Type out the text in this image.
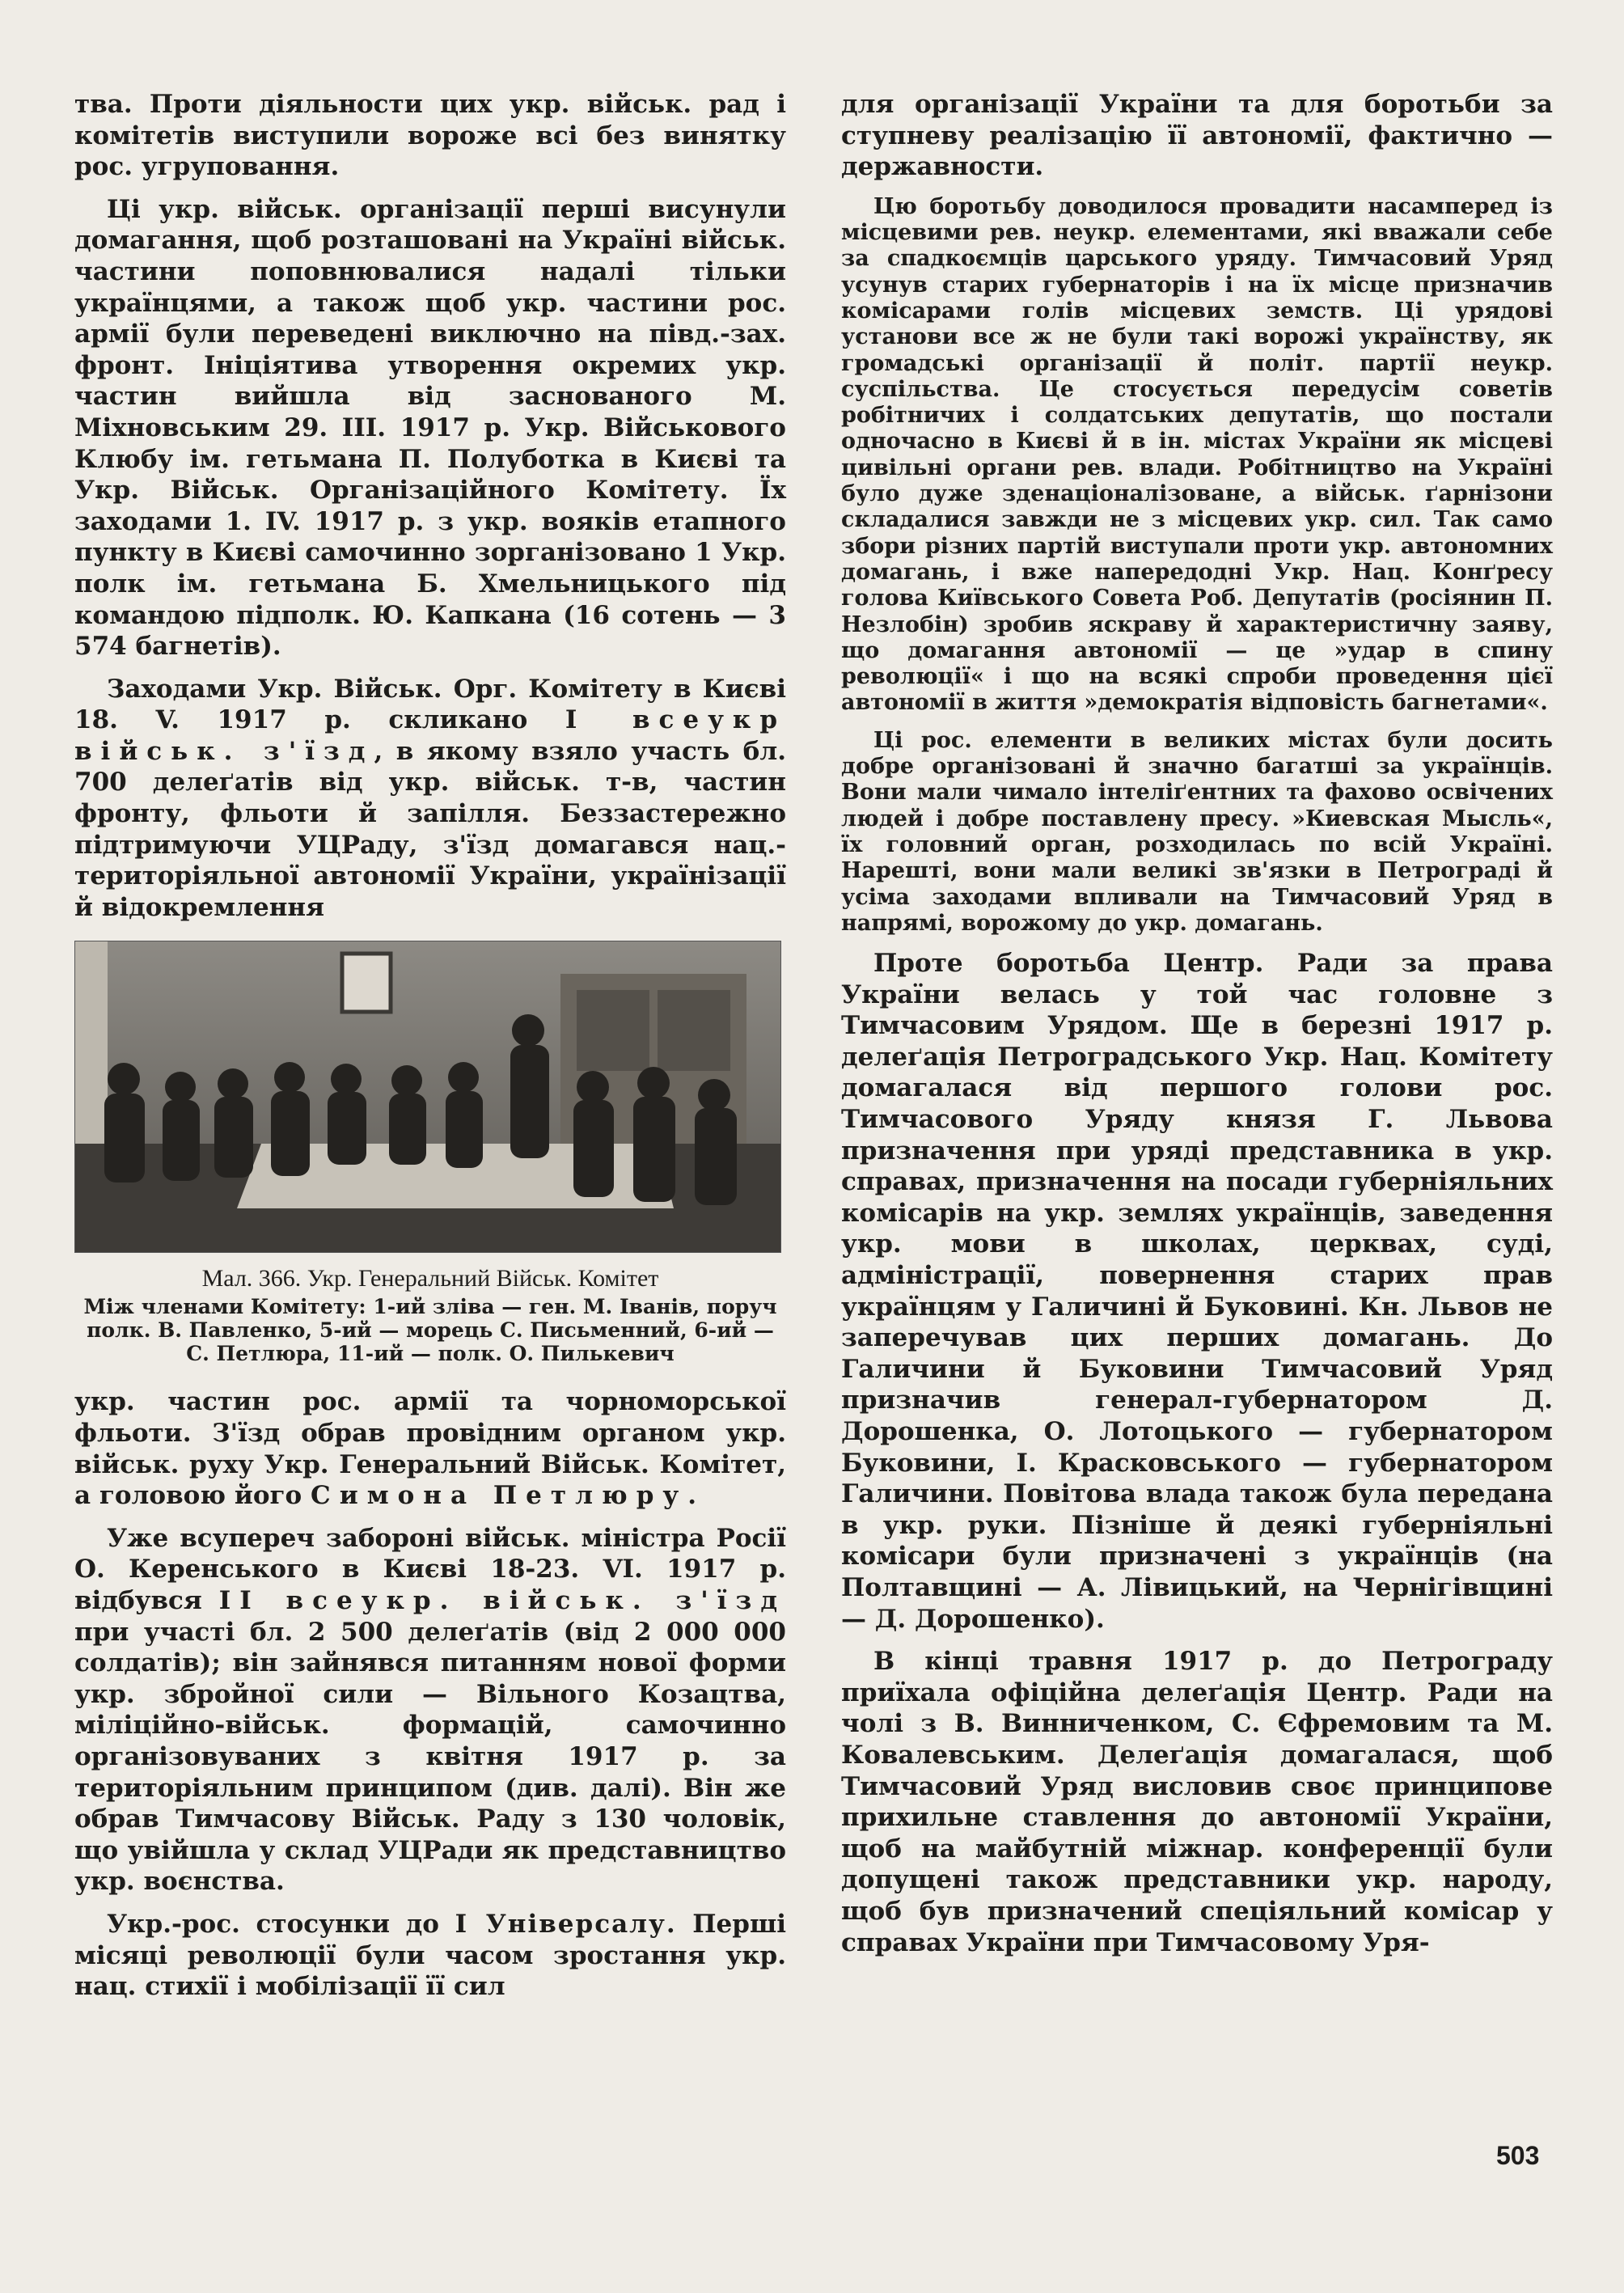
тва. Проти діяльности цих укр. військ. рад і комітетів виступили вороже всі без винятку рос. угруповання.

Ці укр. військ. організації перші висунули домагання, щоб розташовані на Україні військ. частини поповнювалися надалі тільки українцями, а також щоб укр. частини рос. армії були переведені виключно на півд.-зах. фронт. Ініціятива утворення окремих укр. частин вийшла від заснованого М. Міхновським 29. III. 1917 р. Укр. Військового Клюбу ім. гетьмана П. Полуботка в Києві та Укр. Військ. Організаційного Комітету. Їх заходами 1. IV. 1917 р. з укр. вояків етапного пункту в Києві самочинно зорганізовано 1 Укр. полк ім. гетьмана Б. Хмельницького під командою підполк. Ю. Капкана (16 сотень — 3 574 багнетів).

Заходами Укр. Військ. Орг. Комітету в Києві 18. V. 1917 р. скликано I всеукр військ. з'їзд, в якому взяло участь бл. 700 делеґатів від укр. військ. т-в, частин фронту, фльоти й запілля. Беззастережно підтримуючи УЦРаду, з'їзд домагався нац.-територіяльної автономії України, українізації й відокремлення

Мал. 366. Укр. Генеральний Військ. Комітет
Між членами Комітету: 1-ий зліва — ген. М. Іванів, поруч полк. В. Павленко, 5-ий — морець С. Письменний, 6-ий — С. Петлюра, 11-ий — полк. О. Пилькевич

укр. частин рос. армії та чорноморської фльоти. З'їзд обрав провідним органом укр. військ. руху Укр. Генеральний Військ. Комітет, а головою його Симона Петлюру.

Уже всупереч забороні військ. міністра Росії О. Керенського в Києві 18-23. VI. 1917 р. відбувся II всеукр. військ. з'їзд при участі бл. 2 500 делеґатів (від 2 000 000 солдатів); він зайнявся питанням нової форми укр. збройної сили — Вільного Козацтва, міліційно-військ. формацій, самочинно організовуваних з квітня 1917 р. за територіяльним принципом (див. далі). Він же обрав Тимчасову Військ. Раду з 130 чоловік, що увійшла у склад УЦРади як представництво укр. воєнства.

Укр.-рос. стосунки до I Універсалу. Перші місяці революції були часом зростання укр. нац. стихії і мобілізації її сил

для організації України та для боротьби за ступневу реалізацію її автономії, фактично — державности.

Цю боротьбу доводилося провадити насамперед із місцевими рев. неукр. елементами, які вважали себе за спадкоємців царського уряду. Тимчасовий Уряд усунув старих губернаторів і на їх місце призначив комісарами голів місцевих земств. Ці урядові установи все ж не були такі ворожі українству, як громадські організації й політ. партії неукр. суспільства. Це стосується передусім советів робітничих і солдатських депутатів, що постали одночасно в Києві й в ін. містах України як місцеві цивільні органи рев. влади. Робітництво на Україні було дуже зденаціоналізоване, а військ. ґарнізони складалися завжди не з місцевих укр. сил. Так само збори різних партій виступали проти укр. автономних домагань, і вже напередодні Укр. Нац. Конґресу голова Київського Совета Роб. Депутатів (росіянин П. Незлобін) зробив яскраву й характеристичну заяву, що домагання автономії — це »удар в спину революції« і що на всякі спроби проведення цієї автономії в життя »демократія відповість багнетами«.

Ці рос. елементи в великих містах були досить добре організовані й значно багатші за українців. Вони мали чимало інтеліґентних та фахово освічених людей і добре поставлену пресу. »Киевская Мысль«, їх головний орган, розходилась по всій Україні. Нарешті, вони мали великі зв'язки в Петрограді й усіма заходами впливали на Тимчасовий Уряд в напрямі, ворожому до укр. домагань.

Проте боротьба Центр. Ради за права України велась у той час головне з Тимчасовим Урядом. Ще в березні 1917 р. делеґація Петроградського Укр. Нац. Комітету домагалася від першого голови рос. Тимчасового Уряду князя Г. Львова призначення при уряді представника в укр. справах, призначення на посади губерніяльних комісарів на укр. землях українців, заведення укр. мови в школах, церквах, суді, адміністрації, повернення старих прав українцям у Галичині й Буковині. Кн. Львов не заперечував цих перших домагань. До Галичини й Буковини Тимчасовий Уряд призначив генерал-губернатором Д. Дорошенка, О. Лотоцького — губернатором Буковини, І. Красковського — губернатором Галичини. Повітова влада також була передана в укр. руки. Пізніше й деякі губерніяльні комісари були призначені з українців (на Полтавщині — А. Лівицький, на Чернігівщині — Д. Дорошенко).

В кінці травня 1917 р. до Петрограду приїхала офіційна делеґація Центр. Ради на чолі з В. Винниченком, С. Єфремовим та М. Ковалевським. Делеґація домагалася, щоб Тимчасовий Уряд висловив своє принципове прихильне ставлення до автономії України, щоб на майбутній міжнар. конференції були допущені також представники укр. народу, щоб був призначений спеціяльний комісар у справах України при Тимчасовому Уря-

503
